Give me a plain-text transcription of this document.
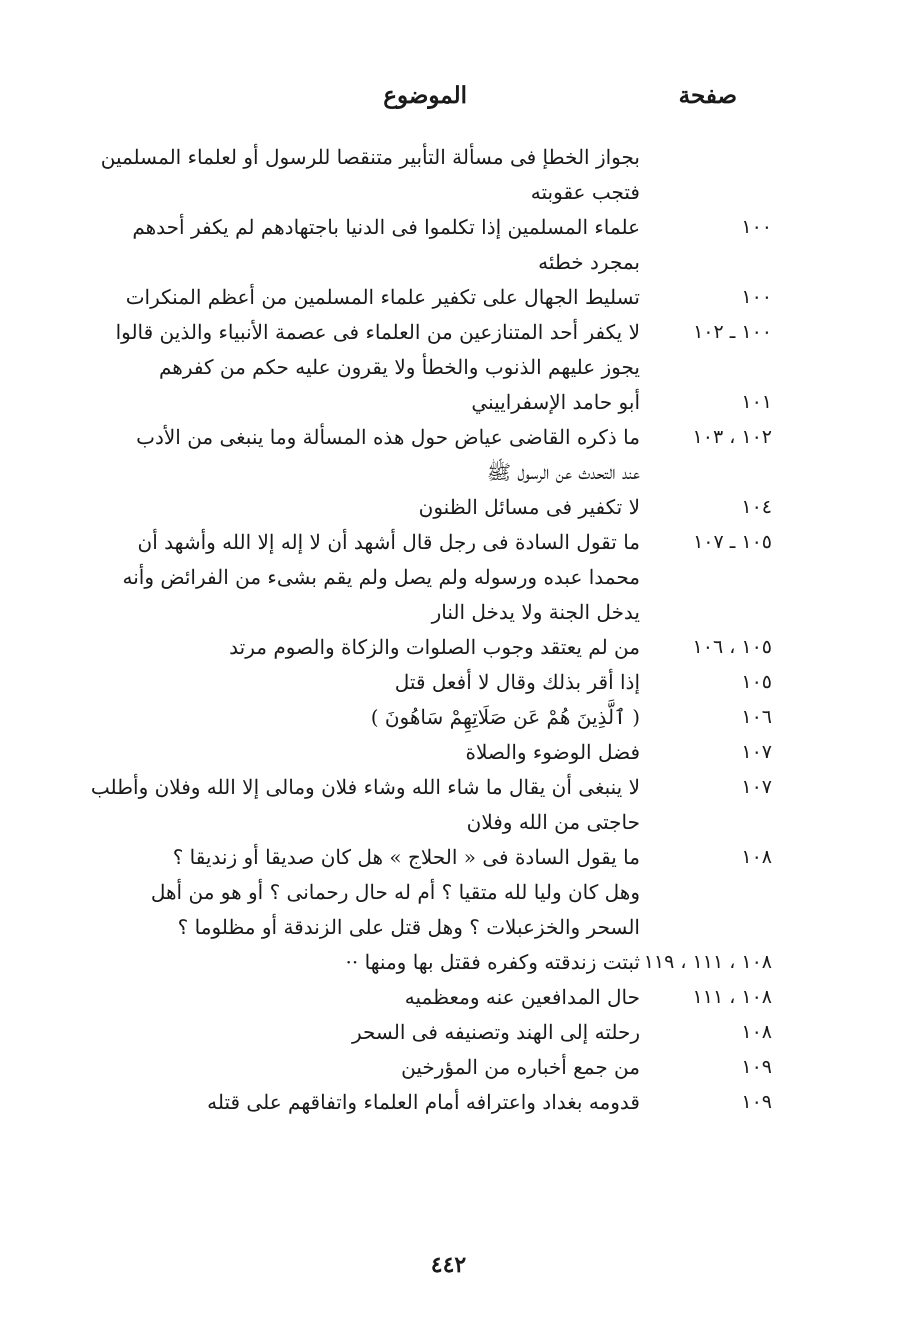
صفحة
الموضوع
بجواز الخطإ فى مسألة التأبير متنقصا للرسول أو لعلماء المسلمين
فتجب عقوبته
١٠٠
علماء المسلمين إذا تكلموا فى الدنيا باجتهادهم لم يكفر أحدهم
بمجرد خطئه
١٠٠
تسليط الجهال على تكفير علماء المسلمين من أعظم المنكرات
١٠٠ ـ ١٠٢
لا يكفر أحد المتنازعين من العلماء فى عصمة الأنبياء والذين قالوا
يجوز عليهم الذنوب والخطأ ولا يقرون عليه حكم من كفرهم
١٠١
أبو حامد الإسفراييني
١٠٢ ، ١٠٣
ما ذكره القاضى عياض حول هذه المسألة وما ينبغى من الأدب
عند التحدث عن الرسول ﷺ
١٠٤
لا تكفير فى مسائل الظنون
١٠٥ ـ ١٠٧
ما تقول السادة فى رجل قال أشهد أن لا إله إلا الله وأشهد أن
محمدا عبده ورسوله ولم يصل ولم يقم بشىء من الفرائض وأنه
يدخل الجنة ولا يدخل النار
١٠٥ ، ١٠٦
من لم يعتقد وجوب الصلوات والزكاة والصوم مرتد
١٠٥
إذا أقر بذلك وقال لا أفعل قتل
١٠٦
( ٱلَّذِينَ هُمْ عَن صَلَاتِهِمْ سَاهُونَ )
١٠٧
فضل الوضوء والصلاة
١٠٧
لا ينبغى أن يقال ما شاء الله وشاء فلان ومالى إلا الله وفلان وأطلب
حاجتى من الله وفلان
١٠٨
ما يقول السادة فى « الحلاج » هل كان صديقا أو زنديقا ؟
وهل كان وليا لله متقيا ؟ أم له حال رحمانى ؟ أو هو من أهل
السحر والخزعبلات ؟ وهل قتل على الزندقة أو مظلوما ؟
١٠٨ ، ١١١ ، ١١٩
ثبتت زندقته وكفره فقتل بها ومنها ··
١٠٨ ، ١١١
حال المدافعين عنه ومعظميه
١٠٨
رحلته إلى الهند وتصنيفه فى السحر
١٠٩
من جمع أخباره من المؤرخين
١٠٩
قدومه بغداد واعترافه أمام العلماء واتفاقهم على قتله
٤٤٢
